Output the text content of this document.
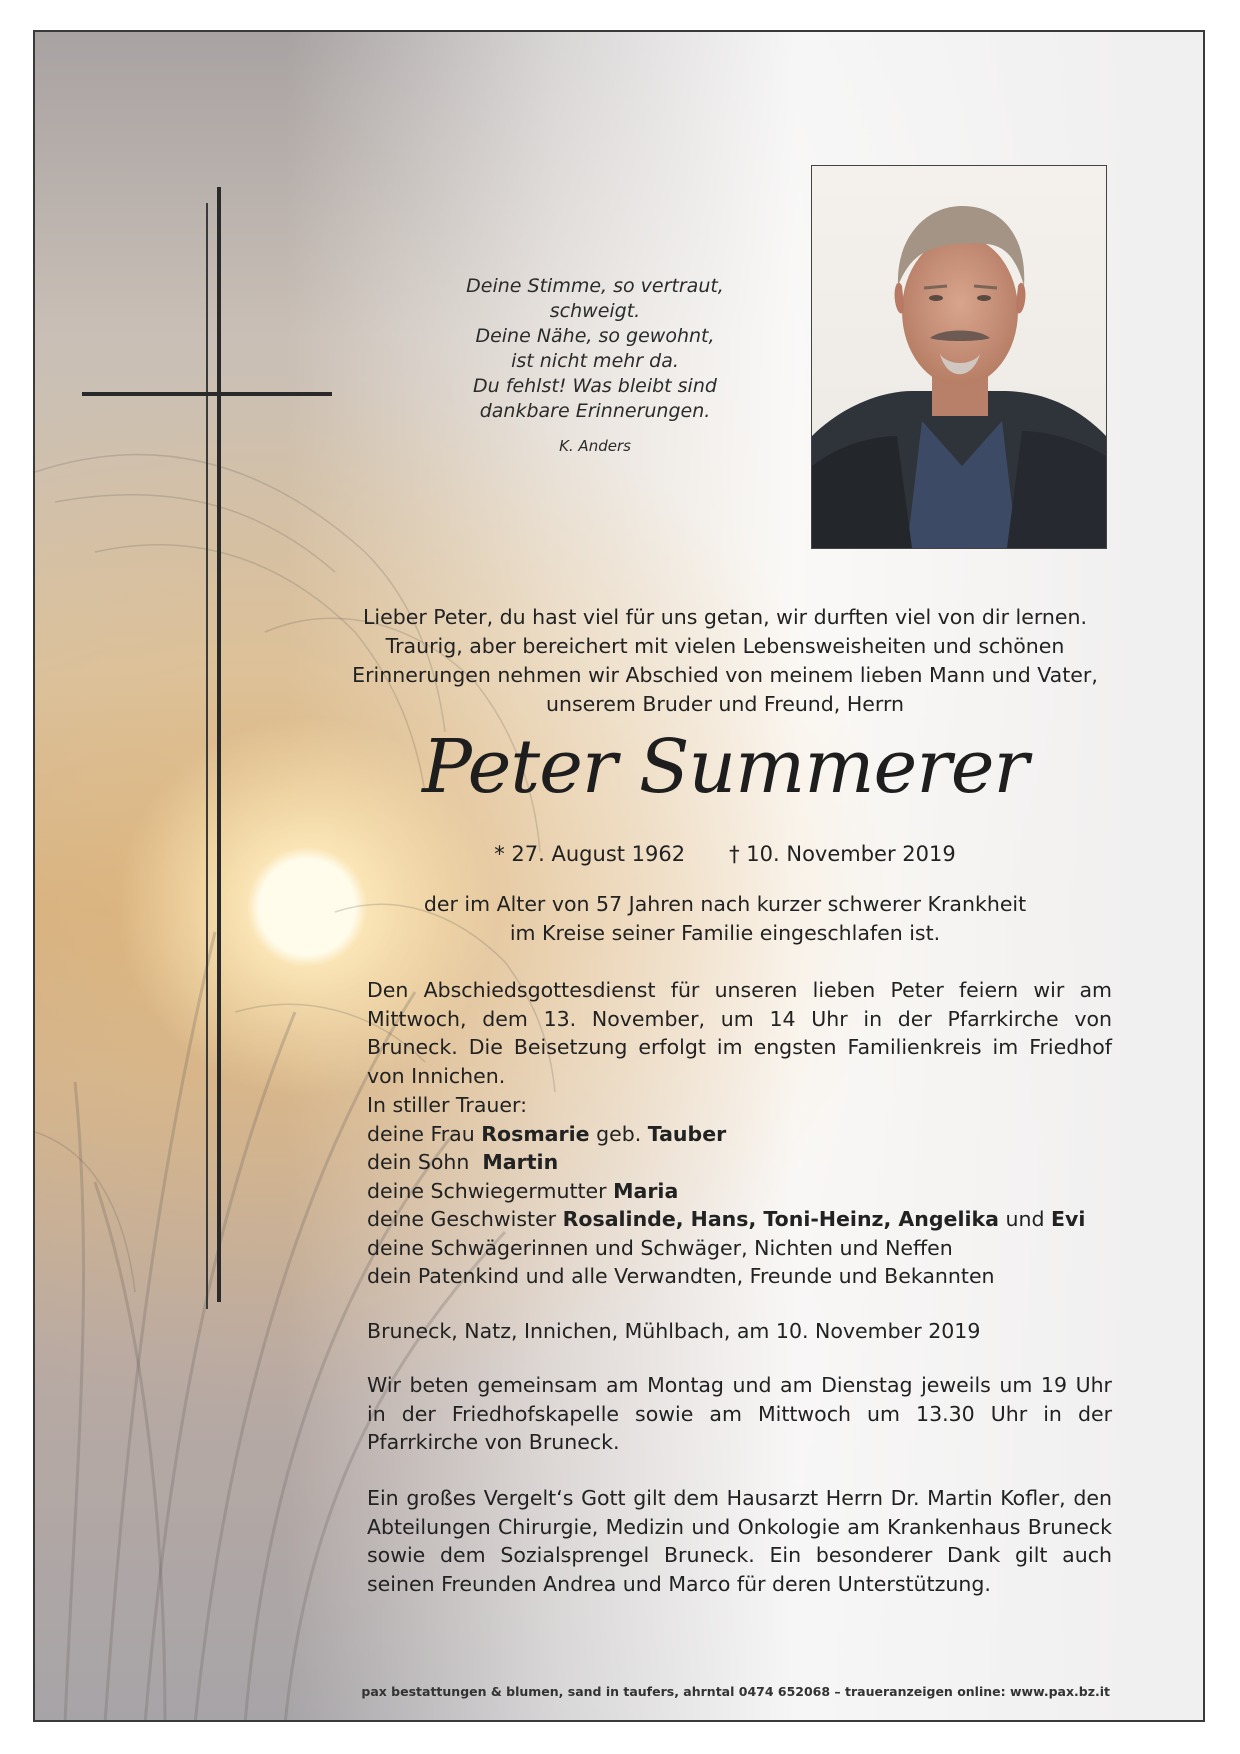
Deine Stimme, so vertraut,
schweigt.
Deine Nähe, so gewohnt,
ist nicht mehr da.
Du fehlst! Was bleibt sind
dankbare Erinnerungen.
K. Anders
Lieber Peter, du hast viel für uns getan, wir durften viel von dir lernen.
Traurig, aber bereichert mit vielen Lebensweisheiten und schönen
Erinnerungen nehmen wir Abschied von meinem lieben Mann und Vater,
unserem Bruder und Freund, Herrn
Peter Summerer
* 27. August 1962 † 10. November 2019
der im Alter von 57 Jahren nach kurzer schwerer Krankheit
im Kreise seiner Familie eingeschlafen ist.

Den Abschiedsgottesdienst für unseren lieben Peter feiern wir am Mittwoch, dem 13. November, um 14 Uhr in der Pfarrkirche von Bruneck. Die Beisetzung erfolgt im engsten Familienkreis im Friedhof von Innichen.

In stiller Trauer:
deine Frau Rosmarie geb. Tauber
dein Sohn  Martin
deine Schwiegermutter Maria
deine Geschwister Rosalinde, Hans, Toni-Heinz, Angelika und Evi
deine Schwägerinnen und Schwäger, Nichten und Neffen
dein Patenkind und alle Verwandten, Freunde und Bekannten
Bruneck, Natz, Innichen, Mühlbach, am 10. November 2019

Wir beten gemeinsam am Montag und am Dienstag jeweils um 19 Uhr in der Friedhofskapelle sowie am Mittwoch um 13.30 Uhr in der Pfarrkirche von Bruneck.

Ein großes Vergelt‘s Gott gilt dem Hausarzt Herrn Dr. Martin Kofler, den Abteilungen Chirurgie, Medizin und Onkologie am Krankenhaus Bruneck sowie dem Sozialsprengel Bruneck. Ein besonderer Dank gilt auch seinen Freunden Andrea und Marco für deren Unterstützung.

pax bestattungen & blumen, sand in taufers, ahrntal 0474 652068 – traueranzeigen online: www.pax.bz.it
